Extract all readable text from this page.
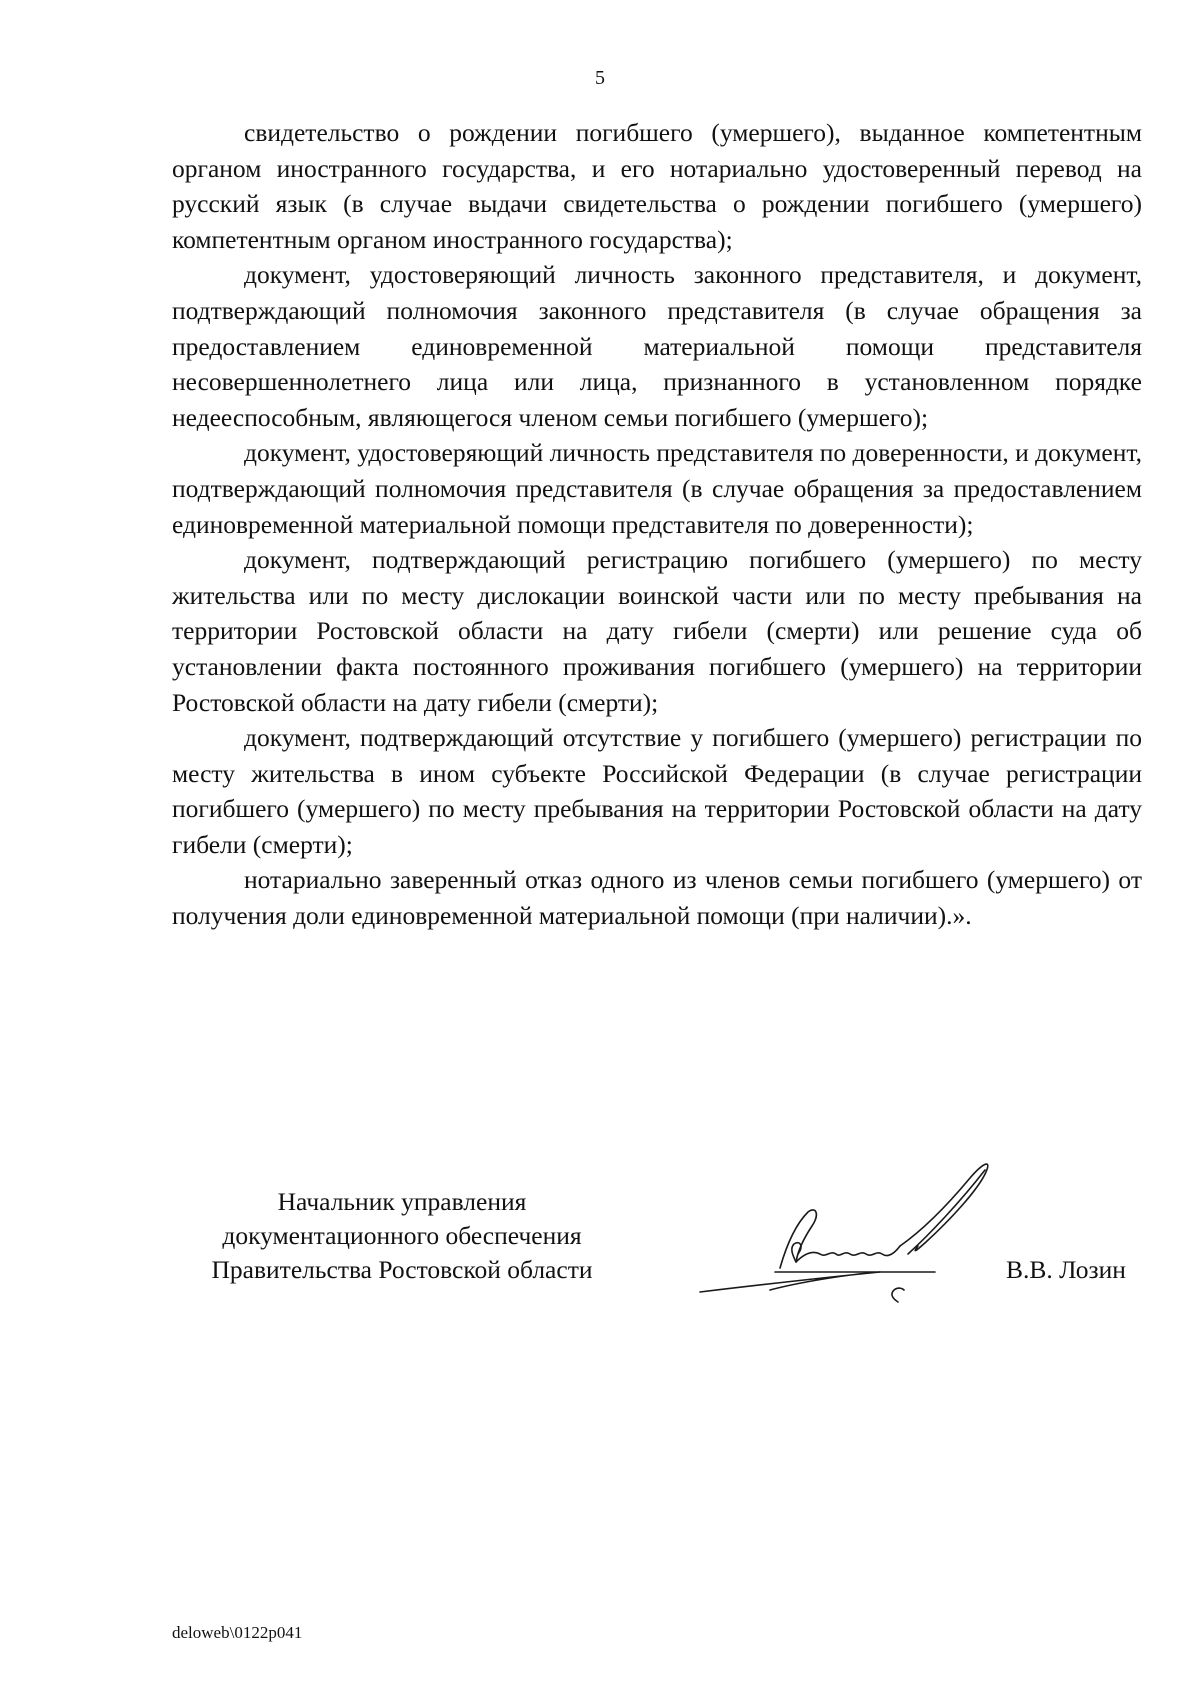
5

свидетельство о рождении погибшего (умершего), выданное компетентным органом иностранного государства, и его нотариально удостоверенный перевод на русский язык (в случае выдачи свидетельства о рождении погибшего (умершего) компетентным органом иностранного государства);

документ, удостоверяющий личность законного представителя, и документ, подтверждающий полномочия законного представителя (в случае обращения за предоставлением единовременной материальной помощи представителя несовершеннолетнего лица или лица, признанного в установленном порядке недееспособным, являющегося членом семьи погибшего (умершего);

документ, удостоверяющий личность представителя по доверенности, и документ, подтверждающий полномочия представителя (в случае обращения за предоставлением единовременной материальной помощи представителя по доверенности);

документ, подтверждающий регистрацию погибшего (умершего) по месту жительства или по месту дислокации воинской части или по месту пребывания на территории Ростовской области на дату гибели (смерти) или решение суда об установлении факта постоянного проживания погибшего (умершего) на территории Ростовской области на дату гибели (смерти);

документ, подтверждающий отсутствие у погибшего (умершего) регистрации по месту жительства в ином субъекте Российской Федерации (в случае регистрации погибшего (умершего) по месту пребывания на территории Ростовской области на дату гибели (смерти);

нотариально заверенный отказ одного из членов семьи погибшего (умершего) от получения доли единовременной материальной помощи (при наличии).».

Начальник управления
документационного обеспечения
Правительства Ростовской области	В.В. Лозин
deloweb\0122p041
